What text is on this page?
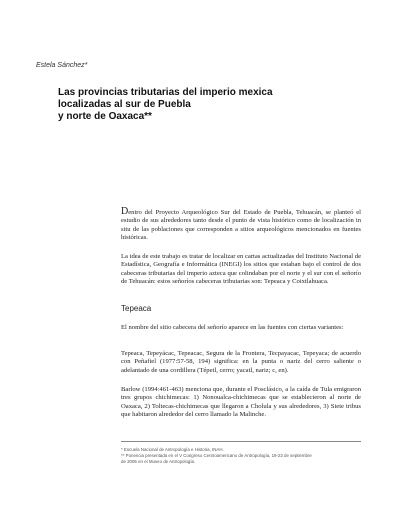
Estela Sánchez*
Las provincias tributarias del imperio mexica
localizadas al sur de Puebla
y norte de Oaxaca**

Dentro del Proyecto Arqueológico Sur del Estado de Puebla, Tehuacán, se planteó el estudio de sus alrededores tanto desde el punto de vista histórico como de localización in situ de las poblaciones que corresponden a sitios arqueológicos mencionados en fuentes históricas.

La idea de este trabajo es tratar de localizar en cartas actualizadas del Instituto Nacional de Estadística, Geografía e Informática (INEGI) los sitios que estaban bajo el control de dos cabeceras tributarias del imperio azteca que colindaban por el norte y el sur con el señorío de Tehuacán: estos señoríos cabeceras tributarias son: Tepeaca y Coixtlahuaca.

Tepeaca

El nombre del sitio cabecera del señorío aparece en las fuentes con ciertas variantes:

Tepeaca, Tepeyácac, Tepeacac, Segura de la Frontera, Tecpayacac, Tepeyaca; de acuerdo con Peñafiel (1977:57-58, 194) significa: en la punta o nariz del cerro saliente o adelantado de una cordillera (Tépetl, cerro; yacatl, nariz; c, en).

Barlow (1994:461-463) menciona que, durante el Posclásico, a la caída de Tula emigraron tres grupos chichimecas: 1) Nonoualca-chichimecas que se establecieron al norte de Oaxaca, 2) Toltecas-chichimecas que llegaron a Cholula y sus alrededores, 3) Siete tribus que habitaron alrededor del cerro llamado la Malinche.

* Escuela Nacional de Antropología e Historia, INAH.
** Ponencia presentada en el V Congreso Centroamericano de Antropología, 19-23 de septiembre
de 2005 en el Museo de Antropología.
